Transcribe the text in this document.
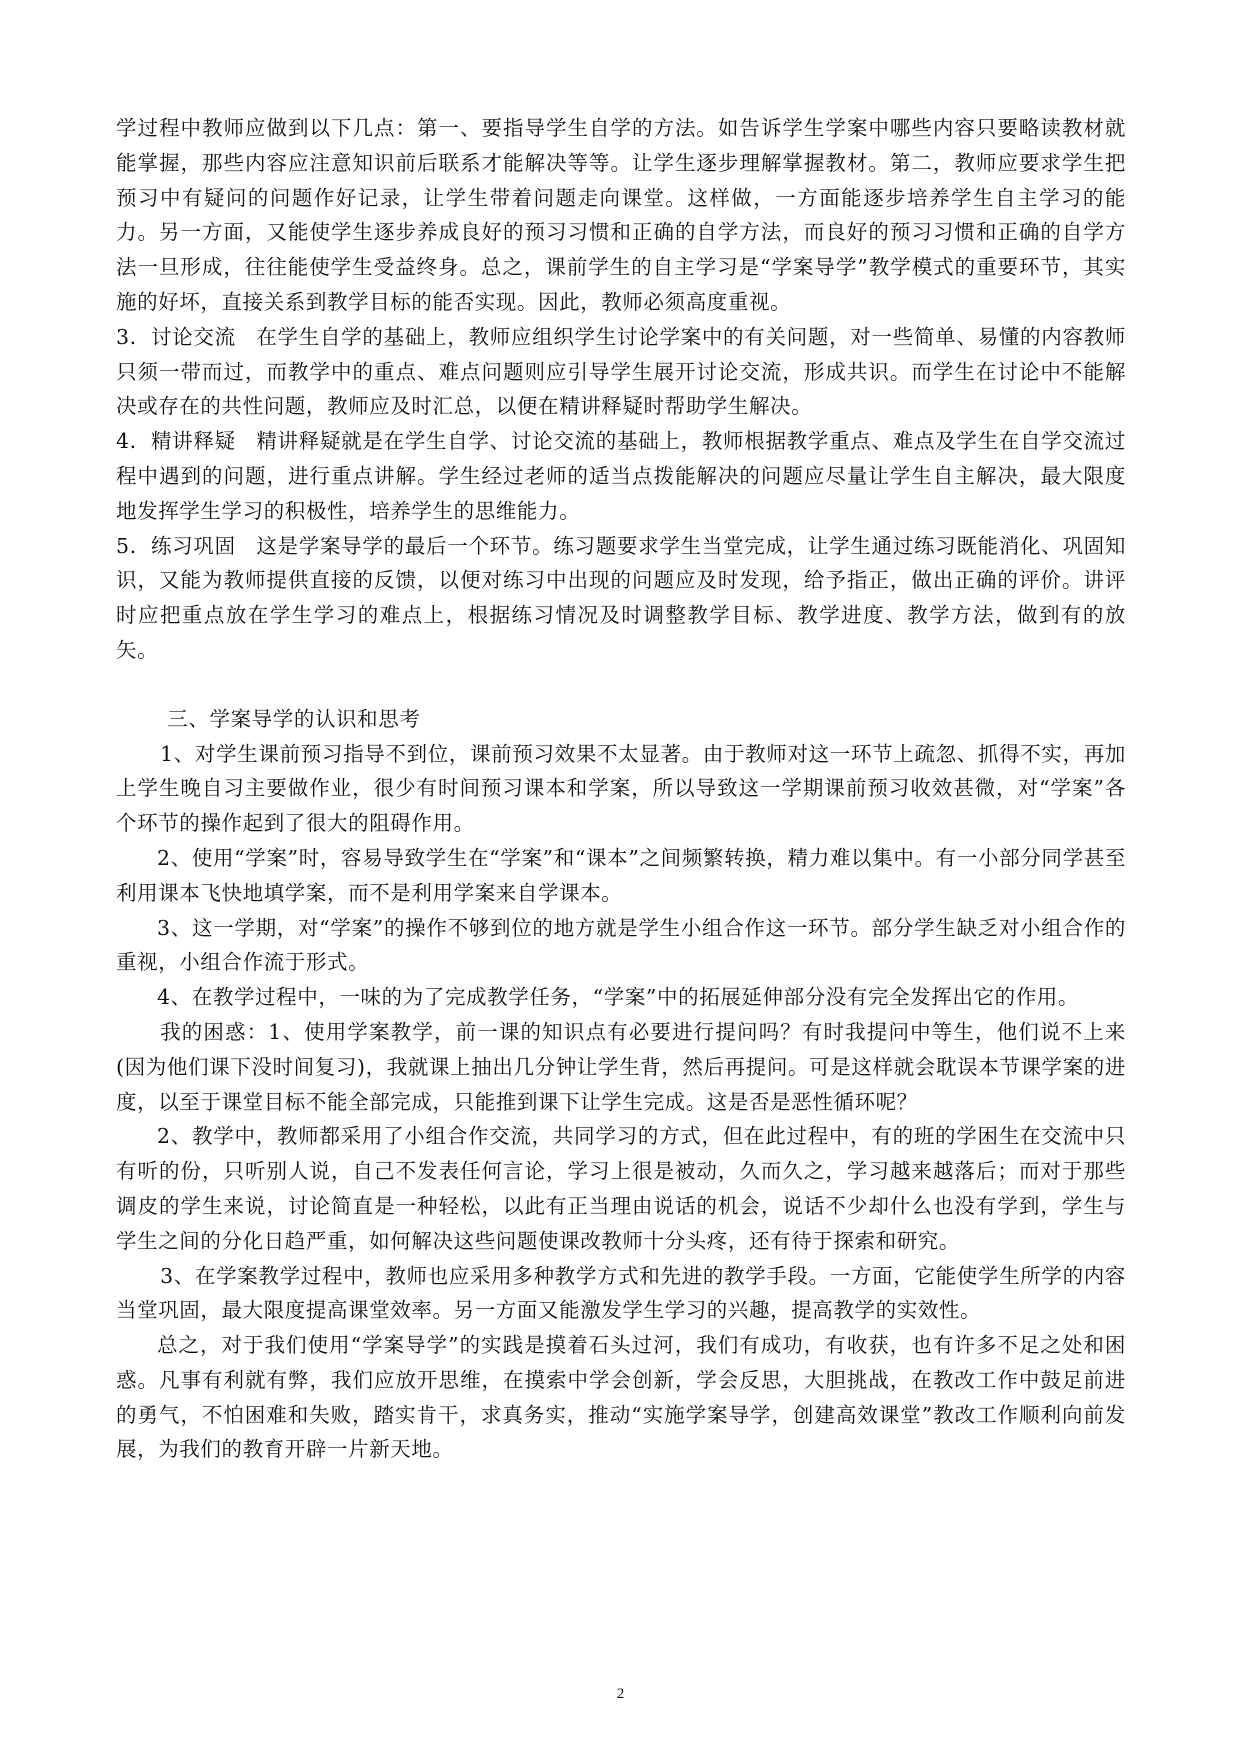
学过程中教师应做到以下几点：第一、要指导学生自学的方法。如告诉学生学案中哪些内容只要略读教材就能掌握，那些内容应注意知识前后联系才能解决等等。让学生逐步理解掌握教材。第二，教师应要求学生把预习中有疑问的问题作好记录，让学生带着问题走向课堂。这样做，一方面能逐步培养学生自主学习的能力。另一方面，又能使学生逐步养成良好的预习习惯和正确的自学方法，而良好的预习习惯和正确的自学方法一旦形成，往往能使学生受益终身。总之，课前学生的自主学习是“学案导学”教学模式的重要环节，其实施的好坏，直接关系到教学目标的能否实现。因此，教师必须高度重视。

3．讨论交流 在学生自学的基础上，教师应组织学生讨论学案中的有关问题，对一些简单、易懂的内容教师只须一带而过，而教学中的重点、难点问题则应引导学生展开讨论交流，形成共识。而学生在讨论中不能解决或存在的共性问题，教师应及时汇总，以便在精讲释疑时帮助学生解决。

4．精讲释疑 精讲释疑就是在学生自学、讨论交流的基础上，教师根据教学重点、难点及学生在自学交流过程中遇到的问题，进行重点讲解。学生经过老师的适当点拨能解决的问题应尽量让学生自主解决，最大限度地发挥学生学习的积极性，培养学生的思维能力。

5．练习巩固 这是学案导学的最后一个环节。练习题要求学生当堂完成，让学生通过练习既能消化、巩固知识，又能为教师提供直接的反馈，以便对练习中出现的问题应及时发现，给予指正，做出正确的评价。讲评时应把重点放在学生学习的难点上，根据练习情况及时调整教学目标、教学进度、教学方法，做到有的放矢。

三、学案导学的认识和思考

1、对学生课前预习指导不到位，课前预习效果不太显著。由于教师对这一环节上疏忽、抓得不实，再加上学生晚自习主要做作业，很少有时间预习课本和学案，所以导致这一学期课前预习收效甚微，对“学案”各个环节的操作起到了很大的阻碍作用。

2、使用“学案”时，容易导致学生在“学案”和“课本”之间频繁转换，精力难以集中。有一小部分同学甚至利用课本飞快地填学案，而不是利用学案来自学课本。

3、这一学期，对“学案”的操作不够到位的地方就是学生小组合作这一环节。部分学生缺乏对小组合作的重视，小组合作流于形式。

4、在教学过程中，一味的为了完成教学任务，“学案”中的拓展延伸部分没有完全发挥出它的作用。

我的困惑：1、使用学案教学，前一课的知识点有必要进行提问吗？有时我提问中等生，他们说不上来(因为他们课下没时间复习)，我就课上抽出几分钟让学生背，然后再提问。可是这样就会耽误本节课学案的进度，以至于课堂目标不能全部完成，只能推到课下让学生完成。这是否是恶性循环呢？

2、教学中，教师都采用了小组合作交流，共同学习的方式，但在此过程中，有的班的学困生在交流中只有听的份，只听别人说，自己不发表任何言论，学习上很是被动，久而久之，学习越来越落后；而对于那些调皮的学生来说，讨论简直是一种轻松，以此有正当理由说话的机会，说话不少却什么也没有学到，学生与学生之间的分化日趋严重，如何解决这些问题使课改教师十分头疼，还有待于探索和研究。

3、在学案教学过程中，教师也应采用多种教学方式和先进的教学手段。一方面，它能使学生所学的内容当堂巩固，最大限度提高课堂效率。另一方面又能激发学生学习的兴趣，提高教学的实效性。

总之，对于我们使用“学案导学”的实践是摸着石头过河，我们有成功，有收获，也有许多不足之处和困惑。凡事有利就有弊，我们应放开思维，在摸索中学会创新，学会反思，大胆挑战，在教改工作中鼓足前进的勇气，不怕困难和失败，踏实肯干，求真务实，推动“实施学案导学，创建高效课堂”教改工作顺利向前发展，为我们的教育开辟一片新天地。

2
